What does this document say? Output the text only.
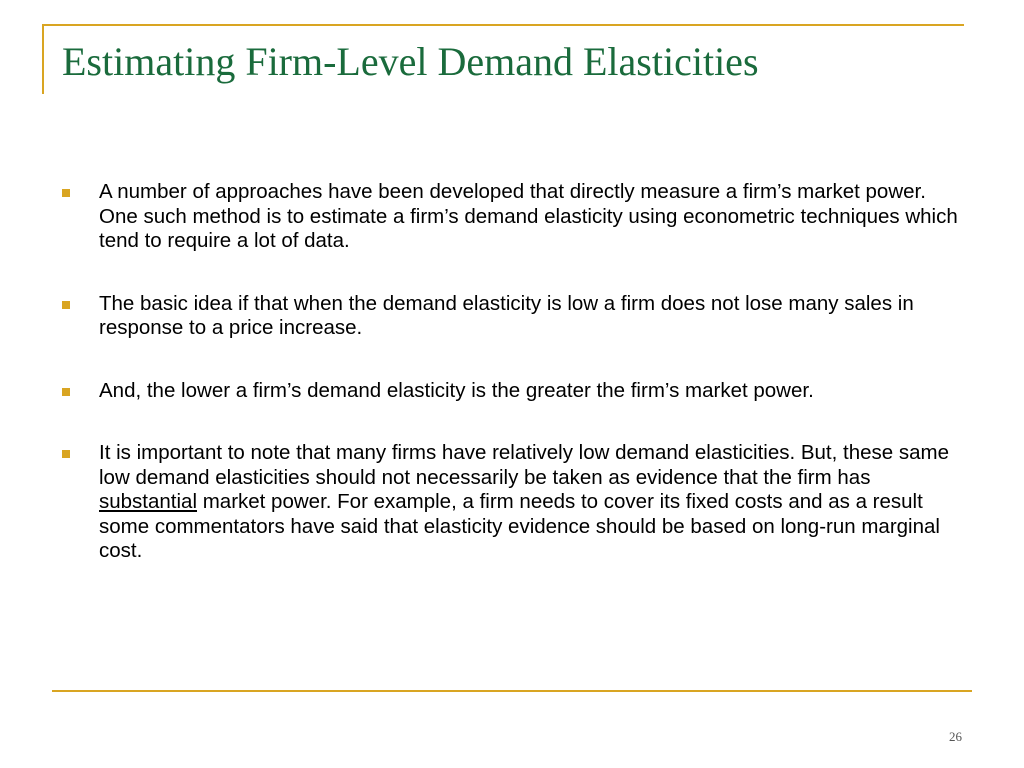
Estimating Firm-Level Demand Elasticities
A number of approaches have been developed that directly measure a firm’s market power. One such method is to estimate a firm’s demand elasticity using econometric techniques which tend to require a lot of data.
The basic idea if that when the demand elasticity is low a firm does not lose many sales in response to a price increase.
And, the lower a firm’s demand elasticity is the greater the firm’s market power.
It is important to note that many firms have relatively low demand elasticities. But, these same low demand elasticities should not necessarily be taken as evidence that the firm has substantial market power. For example, a firm needs to cover its fixed costs and as a result some commentators have said that elasticity evidence should be based on long-run marginal cost.
26
